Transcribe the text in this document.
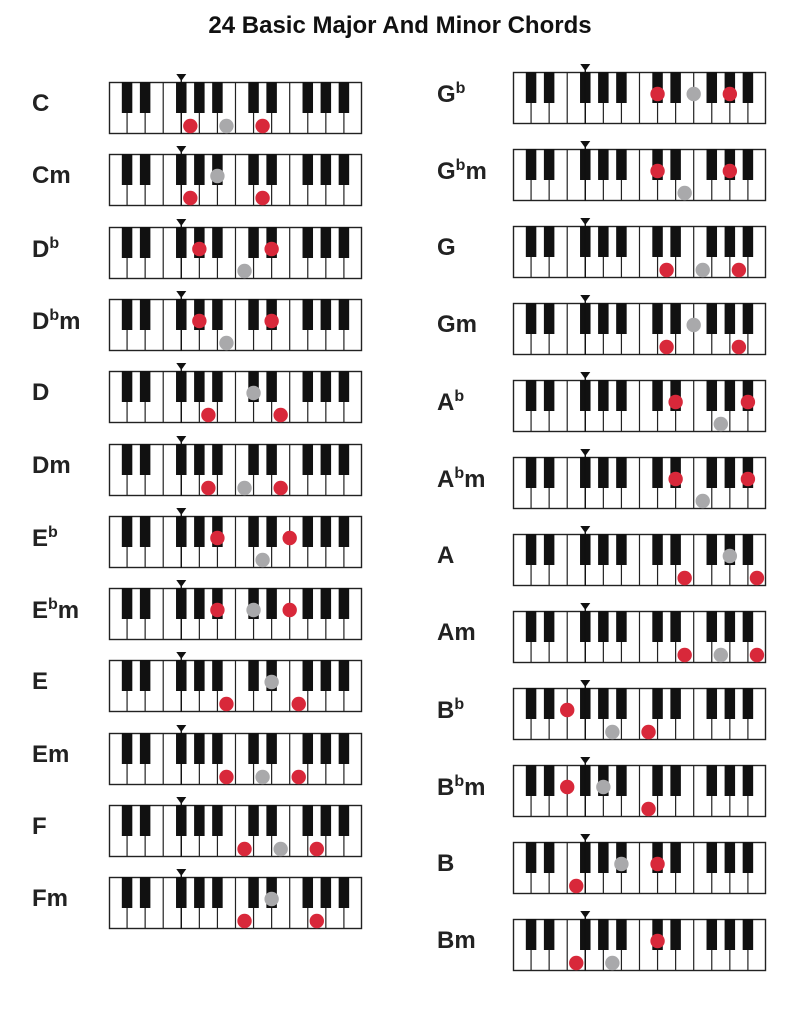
24 Basic Major And Minor Chords
C
Cm
$D^b$
$D^bm$
D
Dm
$E^b$
$E^bm$
E
Em
F
Fm
$G^b$
$G^bm$
G
Gm
$A^b$
$A^bm$
A
Am
$B^b$
$B^bm$
B
Bm
